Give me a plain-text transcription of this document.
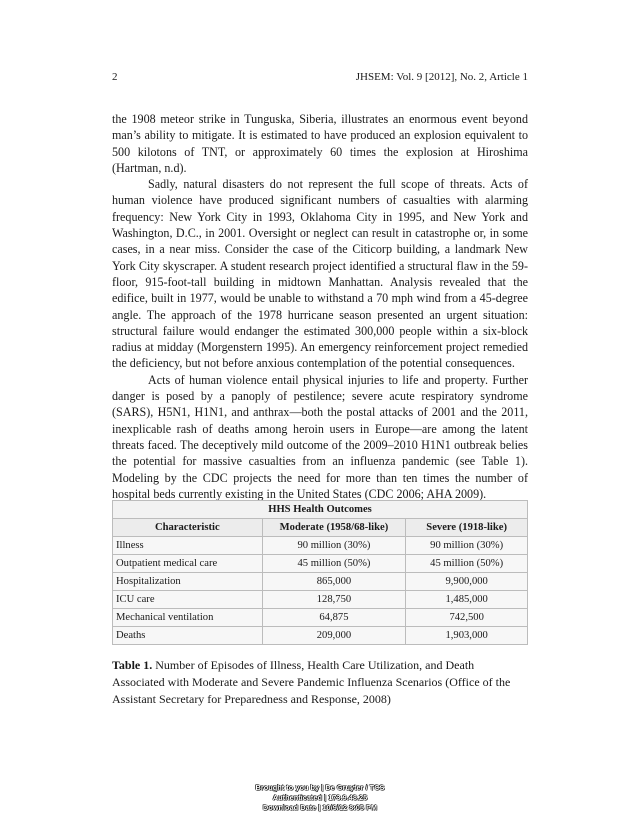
2	JHSEM: Vol. 9 [2012], No. 2, Article 1

the 1908 meteor strike in Tunguska, Siberia, illustrates an enormous event beyond man’s ability to mitigate. It is estimated to have produced an explosion equivalent to 500 kilotons of TNT, or approximately 60 times the explosion at Hiroshima (Hartman, n.d).

Sadly, natural disasters do not represent the full scope of threats. Acts of human violence have produced significant numbers of casualties with alarming frequency: New York City in 1993, Oklahoma City in 1995, and New York and Washington, D.C., in 2001. Oversight or neglect can result in catastrophe or, in some cases, in a near miss. Consider the case of the Citicorp building, a landmark New York City skyscraper. A student research project identified a structural flaw in the 59-floor, 915-foot-tall building in midtown Manhattan. Analysis revealed that the edifice, built in 1977, would be unable to withstand a 70 mph wind from a 45-degree angle. The approach of the 1978 hurricane season presented an urgent situation: structural failure would endanger the estimated 300,000 people within a six-block radius at midday (Morgenstern 1995). An emergency reinforcement project remedied the deficiency, but not before anxious contemplation of the potential consequences.

Acts of human violence entail physical injuries to life and property. Further danger is posed by a panoply of pestilence; severe acute respiratory syndrome (SARS), H5N1, H1N1, and anthrax—both the postal attacks of 2001 and the 2011, inexplicable rash of deaths among heroin users in Europe—are among the latent threats faced. The deceptively mild outcome of the 2009–2010 H1N1 outbreak belies the potential for massive casualties from an influenza pandemic (see Table 1). Modeling by the CDC projects the need for more than ten times the number of hospital beds currently existing in the United States (CDC 2006; AHA 2009).

HHS Health Outcomes		
Characteristic	Moderate (1958/68-like)	Severe (1918-like)
Illness	90 million (30%)	90 million (30%)
Outpatient medical care	45 million (50%)	45 million (50%)
Hospitalization	865,000	9,900,000
ICU care	128,750	1,485,000
Mechanical ventilation	64,875	742,500
Deaths	209,000	1,903,000
Table 1. Number of Episodes of Illness, Health Care Utilization, and Death Associated with Moderate and Severe Pandemic Influenza Scenarios (Office of the Assistant Secretary for Preparedness and Response, 2008)
Brought to you by | De Gruyter / TCS
Authenticated | 173.9.48.25
Download Date | 10/9/12 8:05 PM
